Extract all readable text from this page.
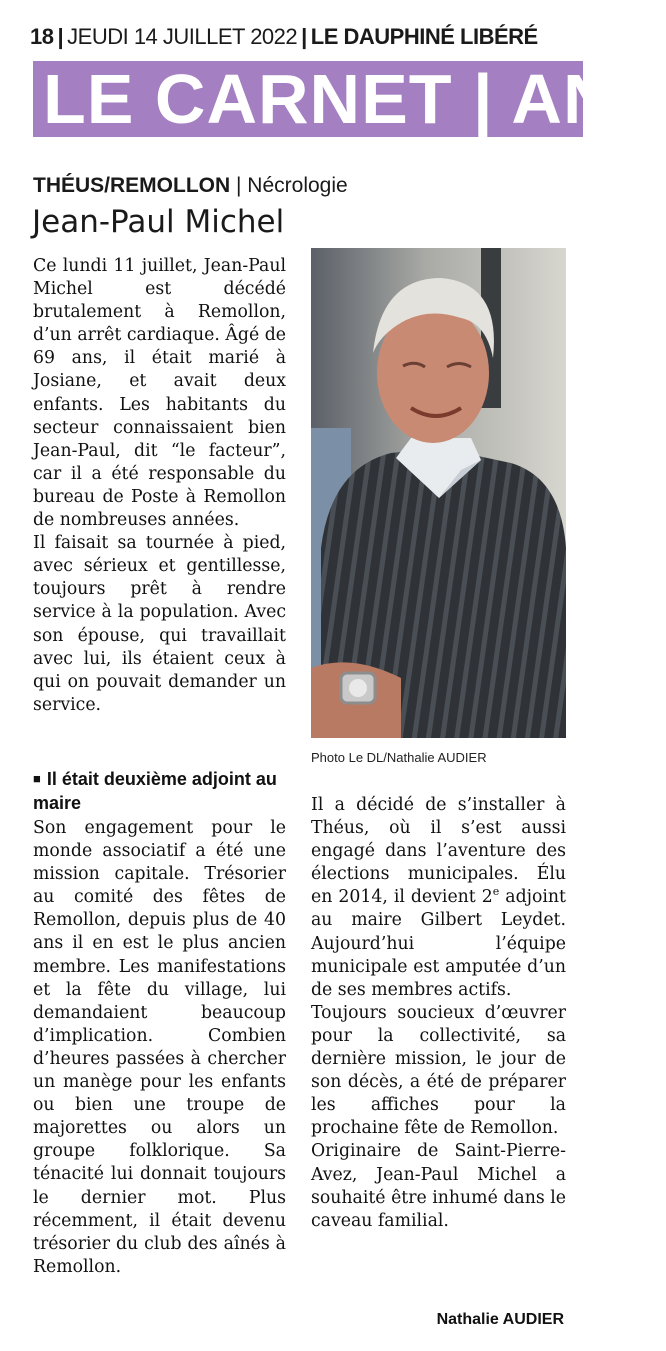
18 | JEUDI 14 JUILLET 2022 | LE DAUPHINÉ LIBÉRÉ
LE CARNET | ANN
THÉUS/REMOLLON | Nécrologie
Jean-Paul Michel

Ce lundi 11 juillet, Jean-Paul Michel est décédé brutalement à Remollon, d’un arrêt cardiaque. Âgé de 69 ans, il était marié à Josiane, et avait deux enfants. Les habitants du secteur connaissaient bien Jean-Paul, dit “le facteur”, car il a été responsable du bureau de Poste à Remollon de nombreuses années.

Il faisait sa tournée à pied, avec sérieux et gentillesse, toujours prêt à rendre service à la population. Avec son épouse, qui travaillait avec lui, ils étaient ceux à qui on pouvait demander un service.

■ Il était deuxième adjoint au maire

Son engagement pour le monde associatif a été une mission capitale. Trésorier au comité des fêtes de Remollon, depuis plus de 40 ans il en est le plus ancien membre. Les manifestations et la fête du village, lui demandaient beaucoup d’implication. Combien d’heures passées à chercher un manège pour les enfants ou bien une troupe de majorettes ou alors un groupe folklorique. Sa ténacité lui donnait toujours le dernier mot. Plus récemment, il était devenu trésorier du club des aînés à Remollon.

Photo Le DL/Nathalie AUDIER

Il a décidé de s’installer à Théus, où il s’est aussi engagé dans l’aventure des élections municipales. Élu en 2014, il devient 2e adjoint au maire Gilbert Leydet. Aujourd’hui l’équipe municipale est amputée d’un de ses membres actifs.

Toujours soucieux d’œuvrer pour la collectivité, sa dernière mission, le jour de son décès, a été de préparer les affiches pour la prochaine fête de Remollon.

Originaire de Saint-Pierre-Avez, Jean-Paul Michel a souhaité être inhumé dans le caveau familial.

Nathalie AUDIER
